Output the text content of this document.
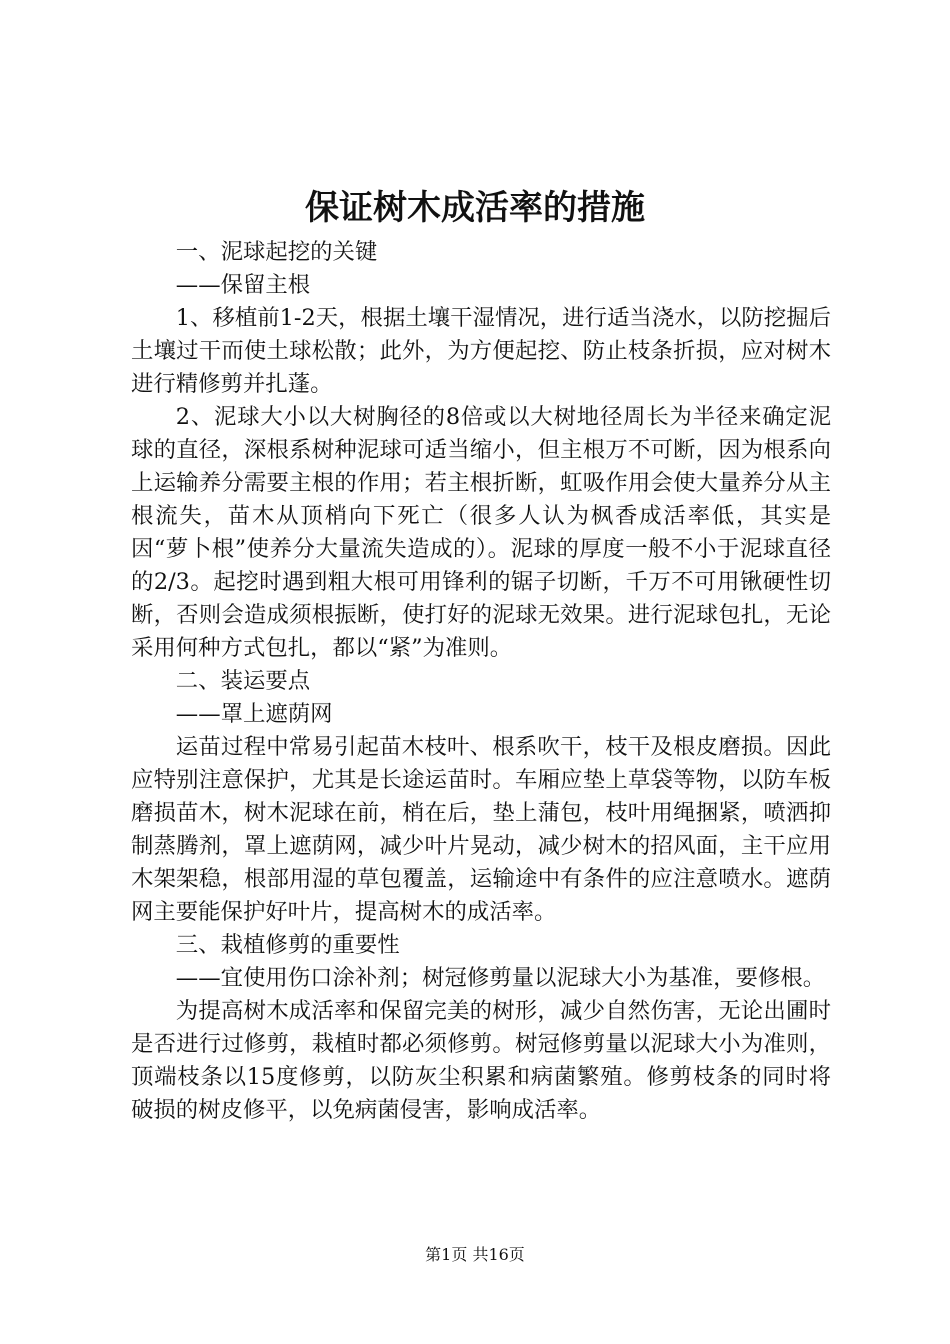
保证树木成活率的措施

一、泥球起挖的关键

——保留主根

1、移植前1-2天，根据土壤干湿情况，进行适当浇水，以防挖掘后土壤过干而使土球松散；此外，为方便起挖、防止枝条折损，应对树木进行精修剪并扎蓬。

2、泥球大小以大树胸径的8倍或以大树地径周长为半径来确定泥球的直径，深根系树种泥球可适当缩小，但主根万不可断，因为根系向上运输养分需要主根的作用；若主根折断，虹吸作用会使大量养分从主根流失，苗木从顶梢向下死亡（很多人认为枫香成活率低，其实是因“萝卜根”使养分大量流失造成的）。泥球的厚度一般不小于泥球直径的2/3。起挖时遇到粗大根可用锋利的锯子切断，千万不可用锹硬性切断，否则会造成须根振断，使打好的泥球无效果。进行泥球包扎，无论采用何种方式包扎，都以“紧”为准则。

二、装运要点

——罩上遮荫网

运苗过程中常易引起苗木枝叶、根系吹干，枝干及根皮磨损。因此应特别注意保护，尤其是长途运苗时。车厢应垫上草袋等物，以防车板磨损苗木，树木泥球在前，梢在后，垫上蒲包，枝叶用绳捆紧，喷洒抑制蒸腾剂，罩上遮荫网，减少叶片晃动，减少树木的招风面，主干应用木架架稳，根部用湿的草包覆盖，运输途中有条件的应注意喷水。遮荫网主要能保护好叶片，提高树木的成活率。

三、栽植修剪的重要性

——宜使用伤口涂补剂；树冠修剪量以泥球大小为基准，要修根。

为提高树木成活率和保留完美的树形，减少自然伤害，无论出圃时是否进行过修剪，栽植时都必须修剪。树冠修剪量以泥球大小为准则，顶端枝条以15度修剪，以防灰尘积累和病菌繁殖。修剪枝条的同时将破损的树皮修平，以免病菌侵害，影响成活率。

第1页 共16页
